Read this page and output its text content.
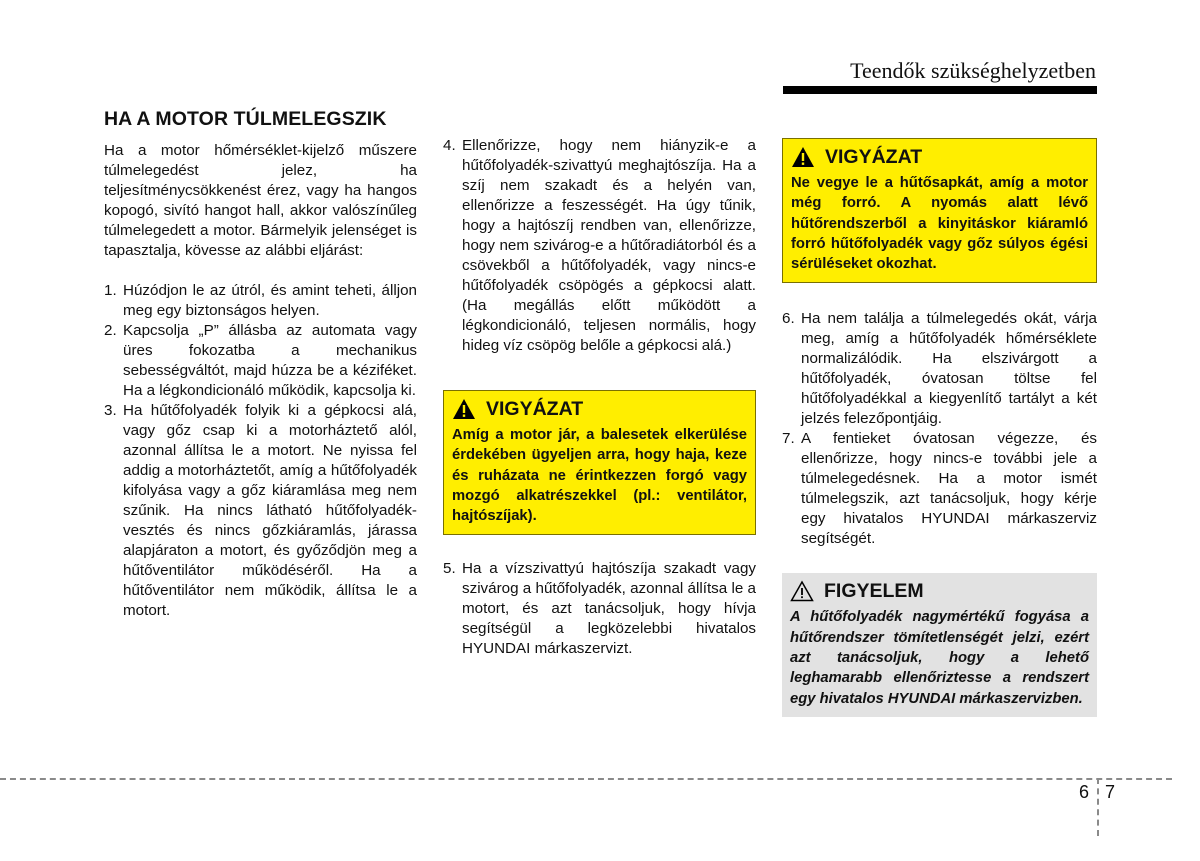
Teendők szükséghelyzetben
HA A MOTOR TÚLMELEGSZIK

Ha a motor hőmérséklet-kijelző műszere túlmelegedést jelez, ha teljesítménycsökkenést érez, vagy ha hangos kopogó, sivító hangot hall, akkor valószínűleg túlmelegedett a motor. Bármelyik jelenséget is tapasztalja, kövesse az alábbi eljárást:

1. Húzódjon le az útról, és amint teheti, álljon meg egy biztonságos helyen.
2. Kapcsolja „P” állásba az automata vagy üres fokozatba a mechanikus sebességváltót, majd húzza be a kéziféket. Ha a légkondicionáló működik, kapcsolja ki.
3. Ha hűtőfolyadék folyik ki a gépkocsi alá, vagy gőz csap ki a motorháztető alól, azonnal állítsa le a motort. Ne nyissa fel addig a motorháztetőt, amíg a hűtőfolyadék kifolyása vagy a gőz kiáramlása meg nem szűnik. Ha nincs látható hűtőfolyadék-vesztés és nincs gőzkiáramlás, járassa alapjáraton a motort, és győződjön meg a hűtőventilátor működéséről. Ha a hűtőventilátor nem működik, állítsa le a motort.
4. Ellenőrizze, hogy nem hiányzik-e a hűtőfolyadék-szivattyú meghajtószíja. Ha a szíj nem szakadt és a helyén van, ellenőrizze a feszességét. Ha úgy tűnik, hogy a hajtószíj rendben van, ellenőrizze, hogy nem szivárog-e a hűtőradiátorból és a csövekből a hűtőfolyadék, vagy nincs-e hűtőfolyadék csöpögés a gépkocsi alatt. (Ha megállás előtt működött a légkondicionáló, teljesen normális, hogy hideg víz csöpög belőle a gépkocsi alá.)
VIGYÁZAT
Amíg a motor jár, a balesetek elkerülése érdekében ügyeljen arra, hogy haja, keze és ruházata ne érintkezzen forgó vagy mozgó alkatrészekkel (pl.: ventilátor, hajtószíjak).
5. Ha a vízszivattyú hajtószíja szakadt vagy szivárog a hűtőfolyadék, azonnal állítsa le a motort, és azt tanácsoljuk, hogy hívja segítségül a legközelebbi hivatalos HYUNDAI márkaszervizt.
VIGYÁZAT
Ne vegye le a hűtősapkát, amíg a motor még forró. A nyomás alatt lévő hűtőrendszerből a kinyitáskor kiáramló forró hűtőfolyadék vagy gőz súlyos égési sérüléseket okozhat.
6. Ha nem találja a túlmelegedés okát, várja meg, amíg a hűtőfolyadék hőmérséklete normalizálódik. Ha elszivárgott a hűtőfolyadék, óvatosan töltse fel hűtőfolyadékkal a kiegyenlítő tartályt a két jelzés felezőpontjáig.
7. A fentieket óvatosan végezze, és ellenőrizze, hogy nincs-e további jele a túlmelegedésnek. Ha a motor ismét túlmelegszik, azt tanácsoljuk, hogy kérje egy hivatalos HYUNDAI márkaszerviz segítségét.
FIGYELEM
A hűtőfolyadék nagymértékű fogyása a hűtőrendszer tömítetlenségét jelzi, ezért azt tanácsoljuk, hogy a lehető leghamarabb ellenőriztesse a rendszert egy hivatalos HYUNDAI márkaszervizben.
6 7
